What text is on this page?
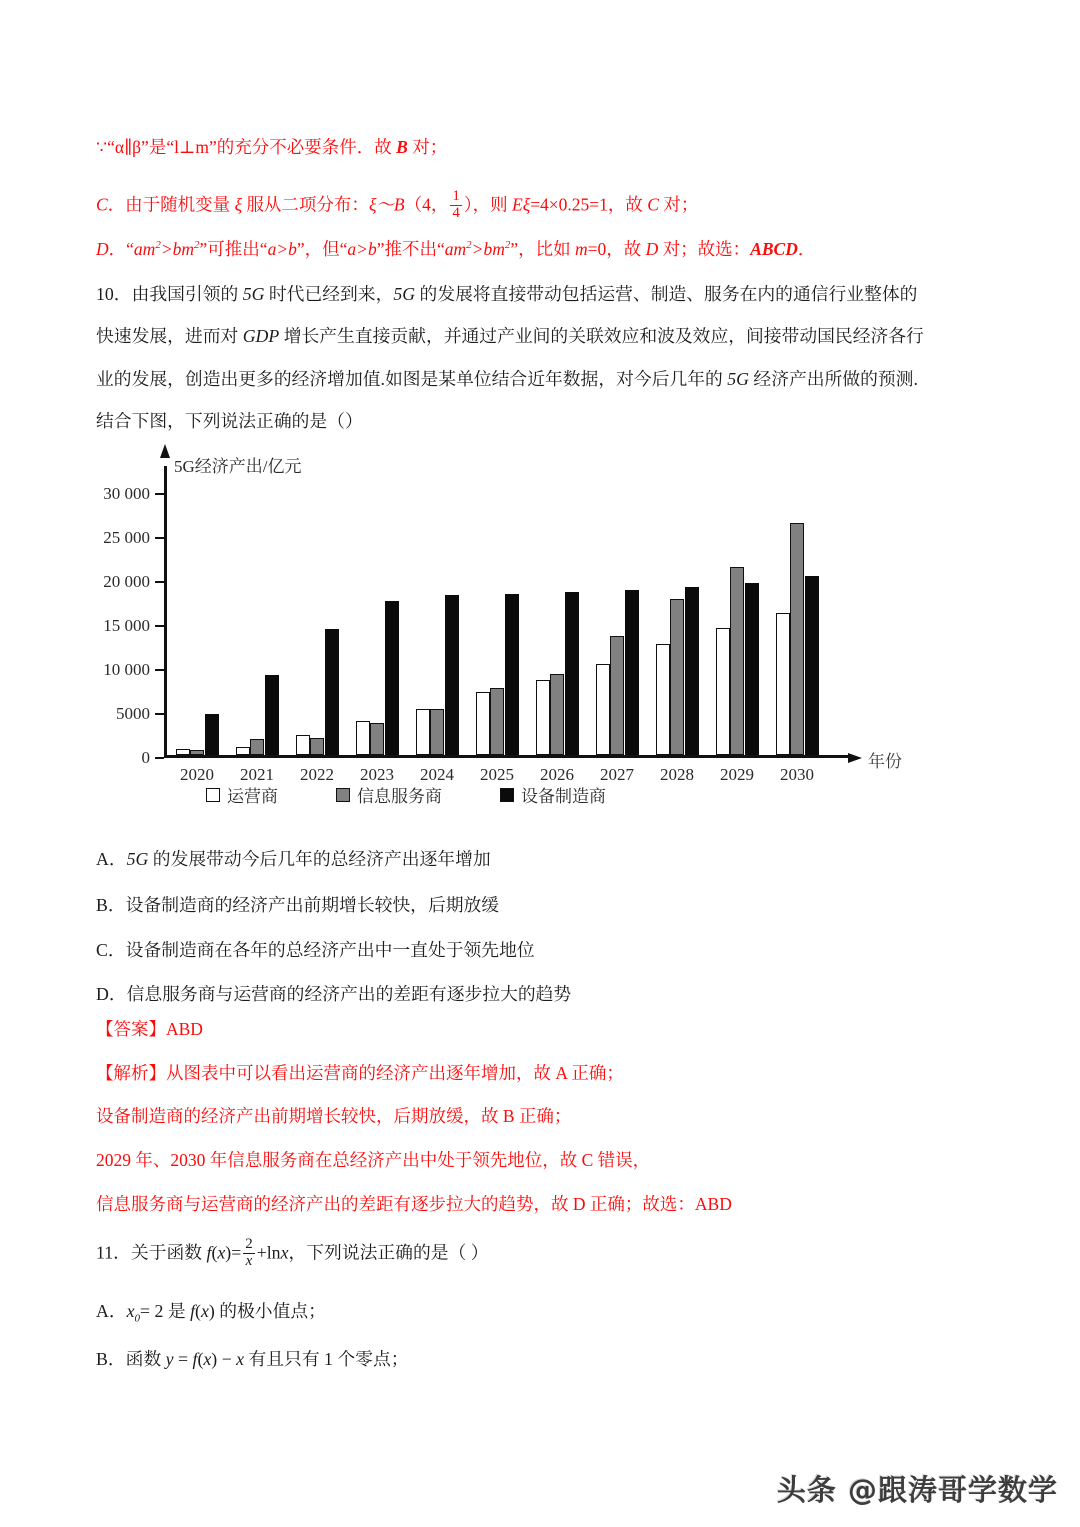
∵“α∥β”是“l⊥m”的充分不必要条件．故 B 对；
C．由于随机变量 ξ 服从二项分布：ξ～B（4， $\frac{1}{4}$ ），则 Eξ=4×0.25=1，故 C 对；
D．“$am^2>bm^2$”可推出“a>b”，但“a>b”推不出“$am^2>bm^2$”，比如 m=0，故 D 对；故选：ABCD．
10．由我国引领的 5G 时代已经到来，5G 的发展将直接带动包括运营、制造、服务在内的通信行业整体的
快速发展，进而对 GDP 增长产生直接贡献，并通过产业间的关联效应和波及效应，间接带动国民经济各行
业的发展，创造出更多的经济增加值.如图是某单位结合近年数据，对今后几年的 5G 经济产出所做的预测.
结合下图，下列说法正确的是（）
5G经济产出/亿元
0
5000
10 000
15 000
20 000
25 000
30 000
2020 2021 2022 2023 2024 2025 2026 2027 2028 2029 2030
年份
运营商	信息服务商	设备制造商
A．5G 的发展带动今后几年的总经济产出逐年增加
B．设备制造商的经济产出前期增长较快，后期放缓
C．设备制造商在各年的总经济产出中一直处于领先地位
D．信息服务商与运营商的经济产出的差距有逐步拉大的趋势
【答案】ABD
【解析】从图表中可以看出运营商的经济产出逐年增加，故 A 正确；
设备制造商的经济产出前期增长较快，后期放缓，故 B 正确；
2029 年、2030 年信息服务商在总经济产出中处于领先地位，故 C 错误，
信息服务商与运营商的经济产出的差距有逐步拉大的趋势，故 D 正确；故选：ABD
11．关于函数 $f(x)= \frac{2}{x} +\ln x$，下列说法正确的是（ ）
A．$x_0= 2$ 是 f(x) 的极小值点；
B．函数 y = f(x) − x 有且只有 1 个零点；
头条 @跟涛哥学数学
